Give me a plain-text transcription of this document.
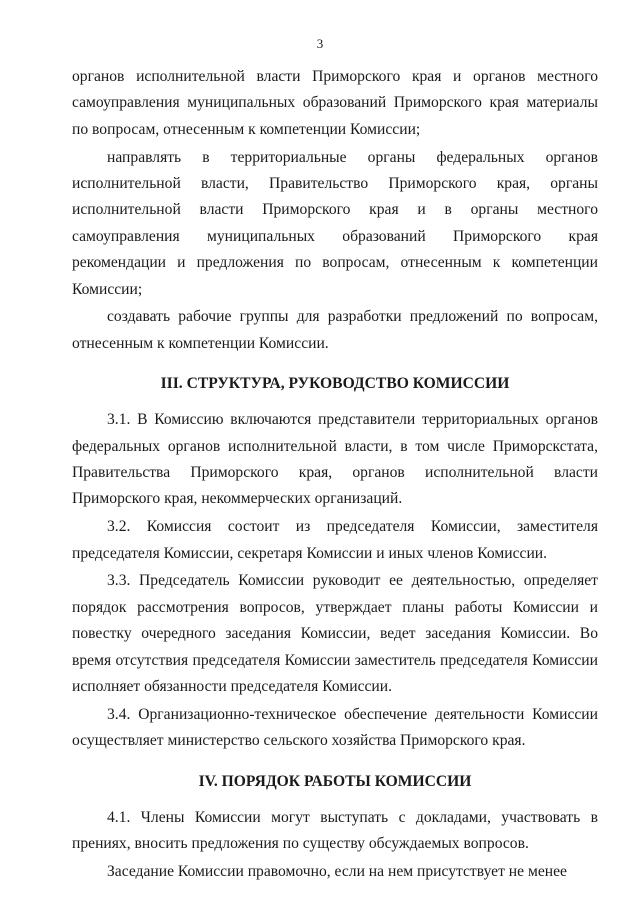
3

органов исполнительной власти Приморского края и органов местного самоуправления муниципальных образований Приморского края материалы по вопросам, отнесенным к компетенции Комиссии;

направлять в территориальные органы федеральных органов исполнительной власти, Правительство Приморского края, органы исполнительной власти Приморского края и в органы местного самоуправления муниципальных образований Приморского края рекомендации и предложения по вопросам, отнесенным к компетенции Комиссии;

создавать рабочие группы для разработки предложений по вопросам, отнесенным к компетенции Комиссии.

III. СТРУКТУРА, РУКОВОДСТВО КОМИССИИ

3.1. В Комиссию включаются представители территориальных органов федеральных органов исполнительной власти, в том числе Приморскстата, Правительства Приморского края, органов исполнительной власти Приморского края, некоммерческих организаций.

3.2. Комиссия состоит из председателя Комиссии, заместителя председателя Комиссии, секретаря Комиссии и иных членов Комиссии.

3.3. Председатель Комиссии руководит ее деятельностью, определяет порядок рассмотрения вопросов, утверждает планы работы Комиссии и повестку очередного заседания Комиссии, ведет заседания Комиссии. Во время отсутствия председателя Комиссии заместитель председателя Комиссии исполняет обязанности председателя Комиссии.

3.4. Организационно-техническое обеспечение деятельности Комиссии осуществляет министерство сельского хозяйства Приморского края.

IV. ПОРЯДОК РАБОТЫ КОМИССИИ

4.1. Члены Комиссии могут выступать с докладами, участвовать в прениях, вносить предложения по существу обсуждаемых вопросов.

Заседание Комиссии правомочно, если на нем присутствует не менее
